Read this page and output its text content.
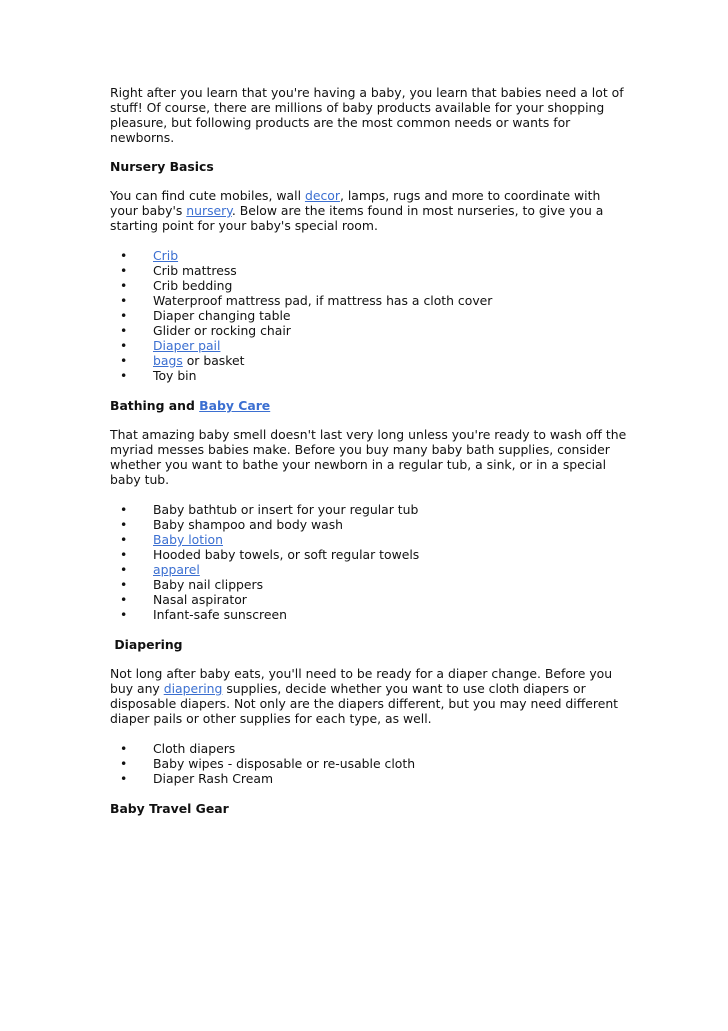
Right after you learn that you're having a baby, you learn that babies need a lot of stuff! Of course, there are millions of baby products available for your shopping pleasure, but following products are the most common needs or wants for newborns.

Nursery Basics

You can find cute mobiles, wall decor, lamps, rugs and more to coordinate with your baby's nursery. Below are the items found in most nurseries, to give you a starting point for your baby's special room.

• Crib
• Crib mattress
• Crib bedding
• Waterproof mattress pad, if mattress has a cloth cover
• Diaper changing table
• Glider or rocking chair
• Diaper pail
• bags or basket
• Toy bin
Bathing and Baby Care

That amazing baby smell doesn't last very long unless you're ready to wash off the myriad messes babies make. Before you buy many baby bath supplies, consider whether you want to bathe your newborn in a regular tub, a sink, or in a special baby tub.

• Baby bathtub or insert for your regular tub
• Baby shampoo and body wash
• Baby lotion
• Hooded baby towels, or soft regular towels
• apparel
• Baby nail clippers
• Nasal aspirator
• Infant-safe sunscreen
Diapering

Not long after baby eats, you'll need to be ready for a diaper change. Before you buy any diapering supplies, decide whether you want to use cloth diapers or disposable diapers. Not only are the diapers different, but you may need different diaper pails or other supplies for each type, as well.

• Cloth diapers
• Baby wipes - disposable or re-usable cloth
• Diaper Rash Cream
Baby Travel Gear
